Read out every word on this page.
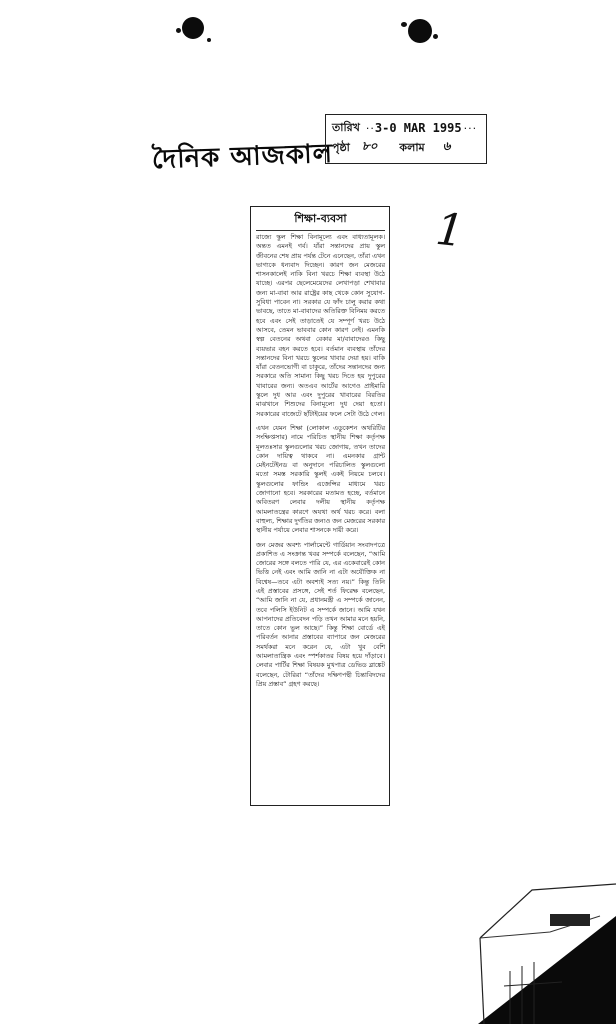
দৈনিক আজকাল
তারিখ ·· 3-0 MAR 1995 ···
পৃষ্ঠা ৮০ কলাম ৬
1
শিক্ষা-ব্যবসা

রাজ্যে স্কুল শিক্ষা বিনামূল্যে এবং বাধ্যতামূলক। অন্তত এমনই গর্ব। যাঁরা সন্তানদের প্রায় স্কুল জীবনের শেষ প্রায় পর্যন্ত টেনে এনেছেন, তাঁরা এখন ভাগ্যকে ধন্যবাদ দিচ্ছেন। কারণ জন মেজরের শাসনকালেই নাকি বিনা খরচে শিক্ষা ব্যবস্থা উঠে যাচ্ছে। এরপর ছেলেমেয়েদের লেখাপড়া শেখাবার জন্য মা-বাবা আর রাষ্ট্রের কাছ থেকে কোন সুযোগ-সুবিধা পাবেন না। সরকার যে ফাঁদ চালু করার কথা ভাবছে, তাতে মা-বাবাদের অতিরিক্ত বিনিময় করতে হবে এবং সেই তাড়াতেই যে সম্পূর্ণ খরচ উঠে আসবে, তেমন ভাববার কোন কারণ নেই। এমনকি স্বল্প বেতনের অথবা বেকার মা/বাবাদেরও কিছু ব্যয়ভার বহন করতে হবে। বর্তমান ব্যবস্থায় তাঁদের সন্তানদের বিনা খরচে স্কুলের খাবার দেয়া হয়। বাকি যাঁরা বেতনভোগী বা চাকুরে, তাঁদের সন্তানদের জন্য সরকারে অতি সামান্য কিছু খরচ দিতে হয় দুপুরের খাবারের জন্য। অতএব আর্টের আগেও প্রাইমারি স্কুলে দুধ আর এবং দুপুরের খাবারের বিরতির মাঝখানে শিশুদের বিনামূল্যে দুধ দেয়া হতো। সরকারের বাজেটে ছাঁটাইয়ের ফলে সেটা উঠে গেল।

এখন যেমন শিক্ষা (লোকাল এডুকেশন অথরিটির সংক্ষিপ্তসার) নামে পরিচিত স্থানীয় শিক্ষা কর্তৃপক্ষ মূলতঃসার স্কুলগুলোর খরচ জোগায়, তখন তাদের কোন দায়িত্ব থাকবে না। এমনকার গ্রান্ট মেইনটেইনড বা অনুদানে পরিচালিত স্কুলগুলো মতো সমস্ত সরকারি স্কুলই একই নিয়মে চলবে। স্কুলগুলোর ফান্ডিং এজেন্সির মাধ্যমে খরচ জোগানো হবে। সরকারের মতামত হচ্ছে, বর্তমানে অবিতরণ লেবার দলীয় স্থানীয় কর্তৃপক্ষ আমলাতন্ত্রের কারণে অযথা অর্থ খরচ করে। বলা বাহুল্য, শিক্ষার দুর্গতির জন্যও জন মেজরের সরকার স্থানীয় পর্যায়ে লেবার শাসনকে দায়ী করে।

জন মেজর অবশ্য পার্লামেন্টে গার্ডিয়ান সংবাদপত্রে প্রকাশিত এ সংক্রান্ত খবর সম্পর্কে বলেছেন, “আমি জোরের সঙ্গে বলতে পারি যে, এর একেবারেই কোন ভিত্তি নেই এবং আমি জানি না এটা অযৌক্তিক না বিশ্বেষ—তবে এটা অবশ্যই সত্য নয়।” কিন্তু তিনি এই প্রস্তাবের প্রসঙ্গে, সেই শর্ত ফিরেক্ষ বলেছেন, “আমি জানি না যে, প্রধানমন্ত্রী এ সম্পর্কে জানেন, তবে পলিসি ইউনিট এ সম্পর্কে জানে। আমি যখন আপনাদের প্রতিবেদন পড়ি তখন আমার মনে হয়নি, তাতে কোন ভুল আছে।” কিন্তু শিক্ষা বোর্ডে এই পরিবর্তন আনার প্রস্তাবের ব্যাপারে জন মেজরের সমর্থকরা মনে করেন যে, এটা খুব বেশি আমলাতান্ত্রিক এবং স্পর্শকাতর বিষয় হয়ে দাঁড়াবে। লেবার পার্টির শিক্ষা বিষয়ক মুখপাত্র ডেভিড ব্লাঙ্কেট বলেছেন, টোরিরা “তাঁদের দক্ষিণপন্থী চিন্তাবিদদের প্রিয় প্রস্তাব” গ্রহণ করছে।
